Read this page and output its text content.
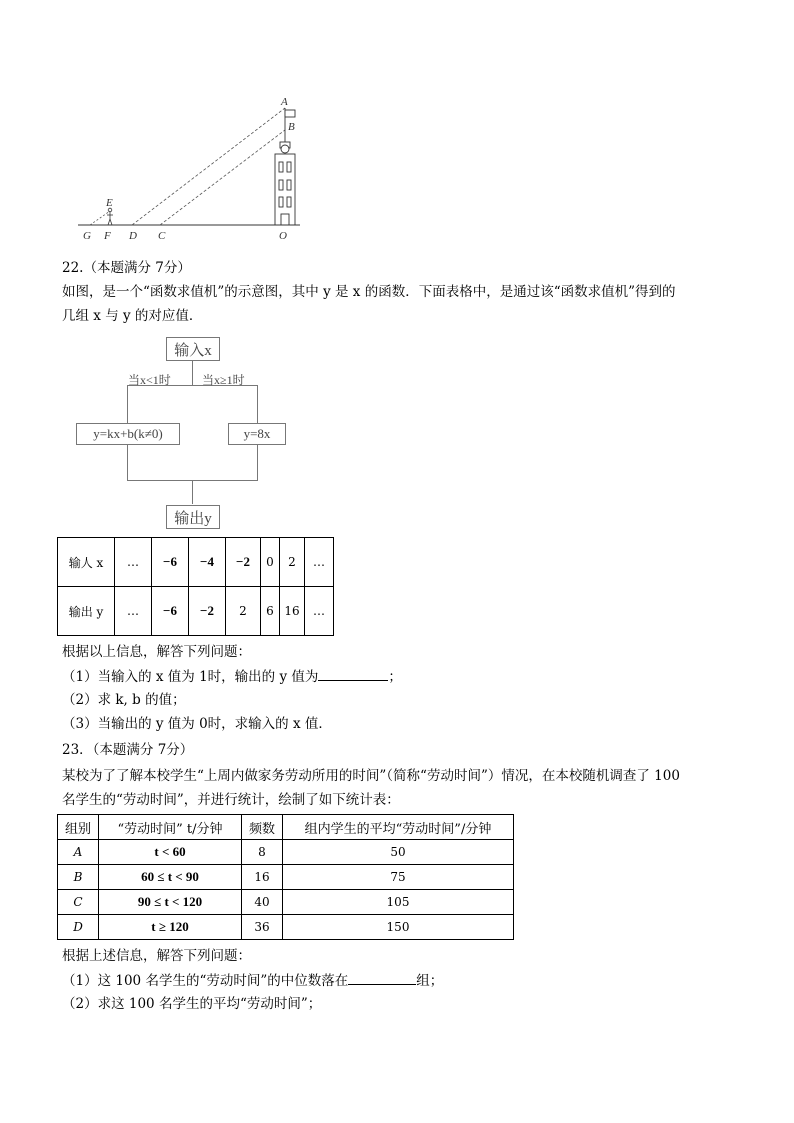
A
B
E
G F D C	O
22.（本题满分 7分）
如图，是一个“函数求值机”的示意图，其中 y 是 x 的函数．下面表格中，是通过该“函数求值机”得到的
几组 x 与 y 的对应值．
输入x
当x<1时	当x≥1时
y=kx+b(k≠0)	y=8x
输出y
输人 x	…	−6	−4	−2	0	2	…
输出 y	…	−6	−2	2	6	16	…
根据以上信息，解答下列问题：
（1）当输入的 x 值为 1时，输出的 y 值为	；
（2）求 k, b 的值；
（3）当输出的 y 值为 0时，求输入的 x 值．
23．（本题满分 7分）
某校为了了解本校学生“上周内做家务劳动所用的时间”（简称“劳动时间”）情况，在本校随机调查了 100
名学生的“劳动时间”，并进行统计，绘制了如下统计表：
组别	“劳动时间” t/分钟	频数	组内学生的平均“劳动时间”/分钟
A	t < 60	8	50
B	60 ≤ t < 90	16	75
C	90 ≤ t < 120	40	105
D	t ≥ 120	36	150
根据上述信息，解答下列问题：
（1）这 100 名学生的“劳动时间”的中位数落在	组；
（2）求这 100 名学生的平均“劳动时间”；
